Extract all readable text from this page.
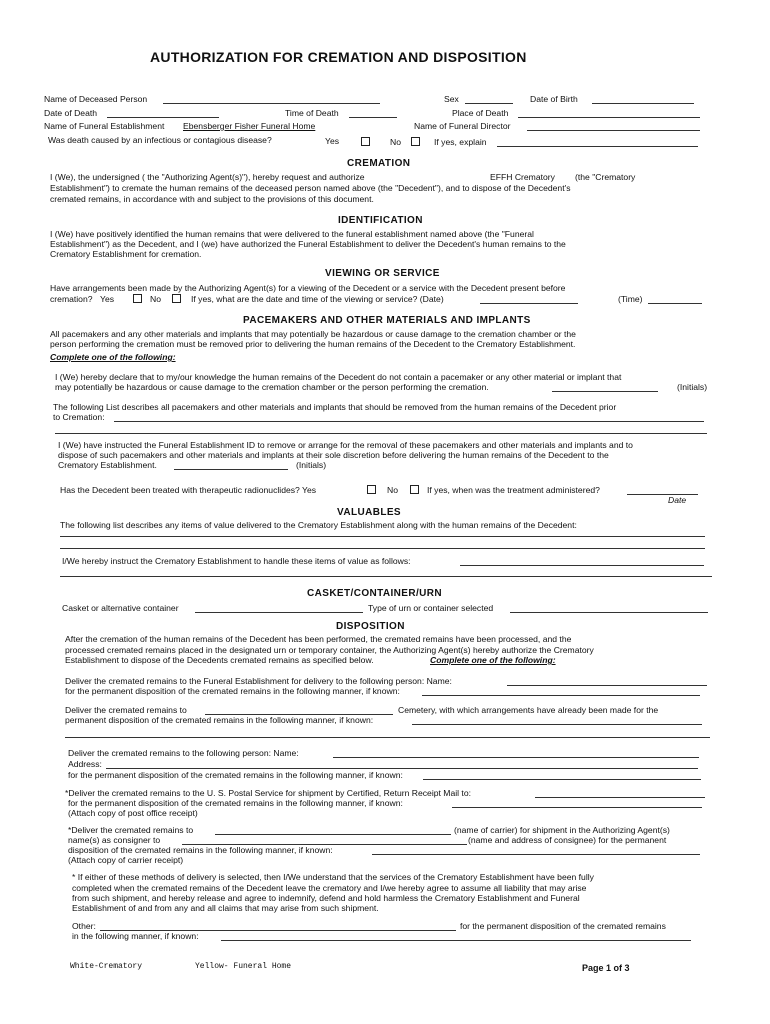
AUTHORIZATION FOR CREMATION AND DISPOSITION
Name of Deceased Person	Sex	Date of Birth
Date of Death	Time of Death	Place of Death
Name of Funeral Establishment Ebensberger Fisher Funeral Home	Name of Funeral Director
Was death caused by an infectious or contagious disease?	Yes	No	If yes, explain
CREMATION
I (We), the undersigned ( the "Authorizing Agent(s)"), hereby request and authorize	EFFH Crematory (the "Crematory
Establishment") to cremate the human remains of the deceased person named above (the "Decedent"), and to dispose of the Decedent's
cremated remains, in accordance with and subject to the provisions of this document.
IDENTIFICATION
I (We) have positively identified the human remains that were delivered to the funeral establishment named above (the "Funeral
Establishment") as the Decedent, and I (we) have authorized the Funeral Establishment to deliver the Decedent's human remains to the
Crematory Establishment for cremation.
VIEWING OR SERVICE
Have arrangements been made by the Authorizing Agent(s) for a viewing of the Decedent or a service with the Decedent present before
cremation? Yes	No	If yes, what are the date and time of the viewing or service? (Date)	(Time)
PACEMAKERS AND OTHER MATERIALS AND IMPLANTS
All pacemakers and any other materials and implants that may potentially be hazardous or cause damage to the cremation chamber or the
person performing the cremation must be removed prior to delivering the human remains of the Decedent to the Crematory Establishment.
Complete one of the following:
I (We) hereby declare that to my/our knowledge the human remains of the Decedent do not contain a pacemaker or any other material or implant that
may potentially be hazardous or cause damage to the cremation chamber or the person performing the cremation.	(Initials)
The following List describes all pacemakers and other materials and implants that should be removed from the human remains of the Decedent prior
to Cremation:
I (We) have instructed the Funeral Establishment ID to remove or arrange for the removal of these pacemakers and other materials and implants and to
dispose of such pacemakers and other materials and implants at their sole discretion before delivering the human remains of the Decedent to the
Crematory Establishment.	(Initials)
Has the Decedent been treated with therapeutic radionuclides? Yes	No	If yes, when was the treatment administered?
Date
VALUABLES
The following list describes any items of value delivered to the Crematory Establishment along with the human remains of the Decedent:
I/We hereby instruct the Crematory Establishment to handle these items of value as follows:
CASKET/CONTAINER/URN
Casket or alternative container	Type of urn or container selected
DISPOSITION
After the cremation of the human remains of the Decedent has been performed, the cremated remains have been processed, and the
processed cremated remains placed in the designated urn or temporary container, the Authorizing Agent(s) hereby authorize the Crematory
Establishment to dispose of the Decedents cremated remains as specified below.	Complete one of the following:
Deliver the cremated remains to the Funeral Establishment for delivery to the following person: Name:
for the permanent disposition of the cremated remains in the following manner, if known:
Deliver the cremated remains to	Cemetery, with which arrangements have already been made for the
permanent disposition of the cremated remains in the following manner, if known:
Deliver the cremated remains to the following person: Name:
Address:
for the permanent disposition of the cremated remains in the following manner, if known:
*Deliver the cremated remains to the U. S. Postal Service for shipment by Certified, Return Receipt Mail to:
for the permanent disposition of the cremated remains in the following manner, if known:
(Attach copy of post office receipt)
*Deliver the cremated remains to	(name of carrier) for shipment in the Authorizing Agent(s)
name(s) as consigner to	(name and address of consignee) for the permanent
disposition of the cremated remains in the following manner, if known:
(Attach copy of carrier receipt)
* If either of these methods of delivery is selected, then I/We understand that the services of the Crematory Establishment have been fully
completed when the cremated remains of the Decedent leave the crematory and I/we hereby agree to assume all liability that may arise
from such shipment, and hereby release and agree to indemnify, defend and hold harmless the Crematory Establishment and Funeral
Establishment of and from any and all claims that may arise from such shipment.
Other:	for the permanent disposition of the cremated remains
in the following manner, if known:
White-Crematory	Yellow- Funeral Home	Page 1 of 3
